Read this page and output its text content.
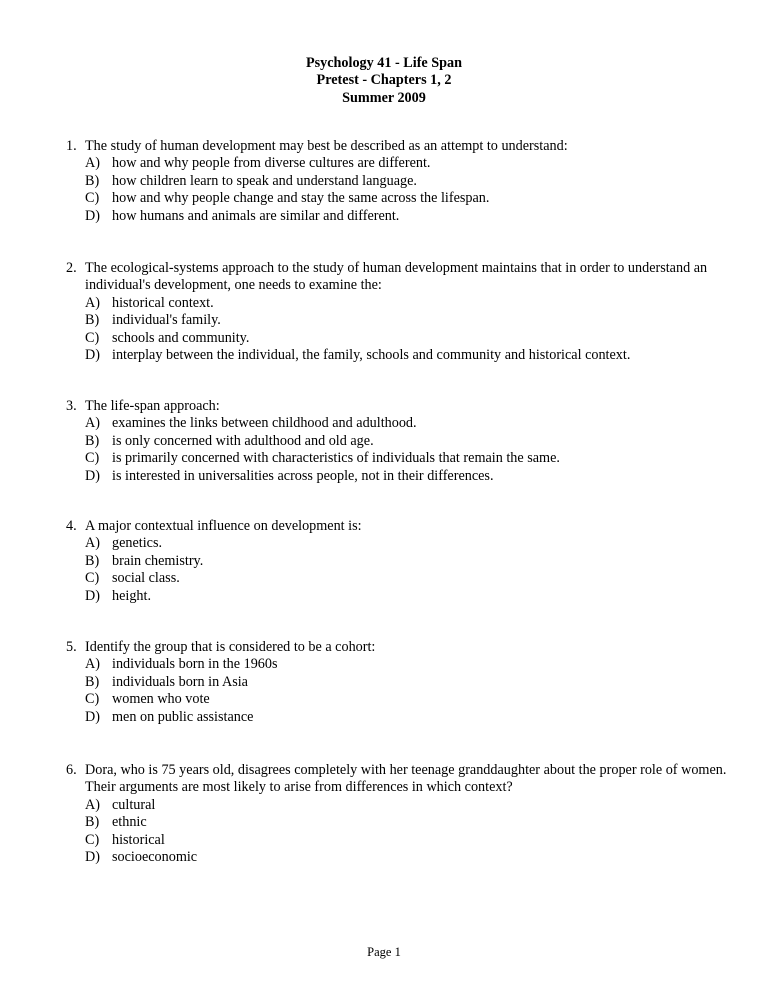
Psychology 41 - Life Span
Pretest - Chapters 1, 2
Summer 2009
1. The study of human development may best be described as an attempt to understand:
A) how and why people from diverse cultures are different.
B) how children learn to speak and understand language.
C) how and why people change and stay the same across the lifespan.
D) how humans and animals are similar and different.
2. The ecological-systems approach to the study of human development maintains that in order to understand an individual's development, one needs to examine the:
A) historical context.
B) individual's family.
C) schools and community.
D) interplay between the individual, the family, schools and community and historical context.
3. The life-span approach:
A) examines the links between childhood and adulthood.
B) is only concerned with adulthood and old age.
C) is primarily concerned with characteristics of individuals that remain the same.
D) is interested in universalities across people, not in their differences.
4. A major contextual influence on development is:
A) genetics.
B) brain chemistry.
C) social class.
D) height.
5. Identify the group that is considered to be a cohort:
A) individuals born in the 1960s
B) individuals born in Asia
C) women who vote
D) men on public assistance
6. Dora, who is 75 years old, disagrees completely with her teenage granddaughter about the proper role of women. Their arguments are most likely to arise from differences in which context?
A) cultural
B) ethnic
C) historical
D) socioeconomic
Page 1
